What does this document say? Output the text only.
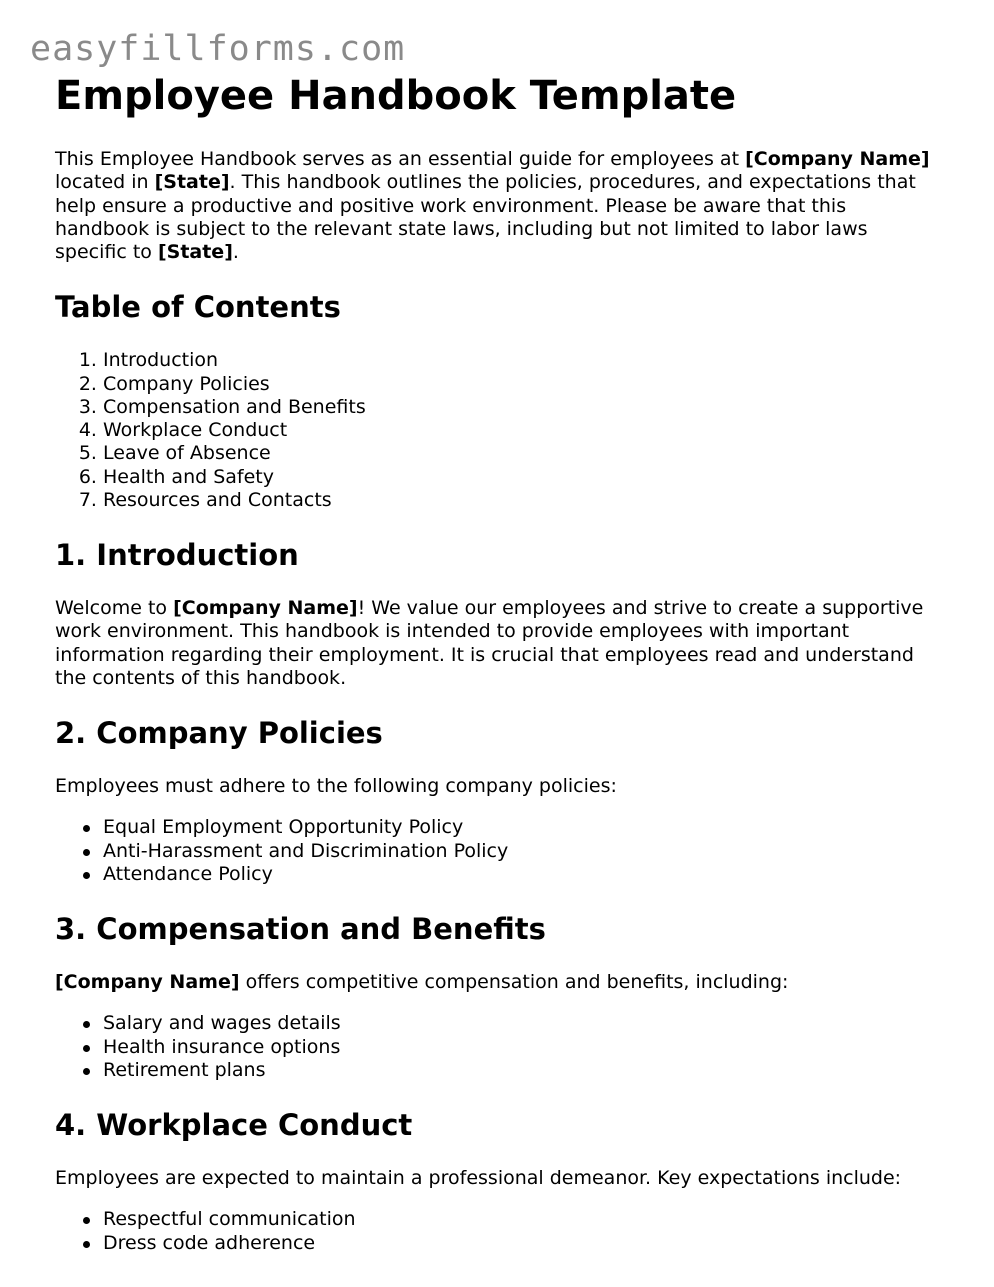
easyfillforms.com
Employee Handbook Template

This Employee Handbook serves as an essential guide for employees at [Company Name] located in [State]. This handbook outlines the policies, procedures, and expectations that help ensure a productive and positive work environment. Please be aware that this handbook is subject to the relevant state laws, including but not limited to labor laws specific to [State].

Table of Contents
1. Introduction
2. Company Policies
3. Compensation and Benefits
4. Workplace Conduct
5. Leave of Absence
6. Health and Safety
7. Resources and Contacts
1. Introduction

Welcome to [Company Name]! We value our employees and strive to create a supportive work environment. This handbook is intended to provide employees with important information regarding their employment. It is crucial that employees read and understand the contents of this handbook.

2. Company Policies

Employees must adhere to the following company policies:

Equal Employment Opportunity Policy
Anti-Harassment and Discrimination Policy
Attendance Policy
3. Compensation and Benefits

[Company Name] offers competitive compensation and benefits, including:

Salary and wages details
Health insurance options
Retirement plans
4. Workplace Conduct

Employees are expected to maintain a professional demeanor. Key expectations include:

Respectful communication
Dress code adherence
